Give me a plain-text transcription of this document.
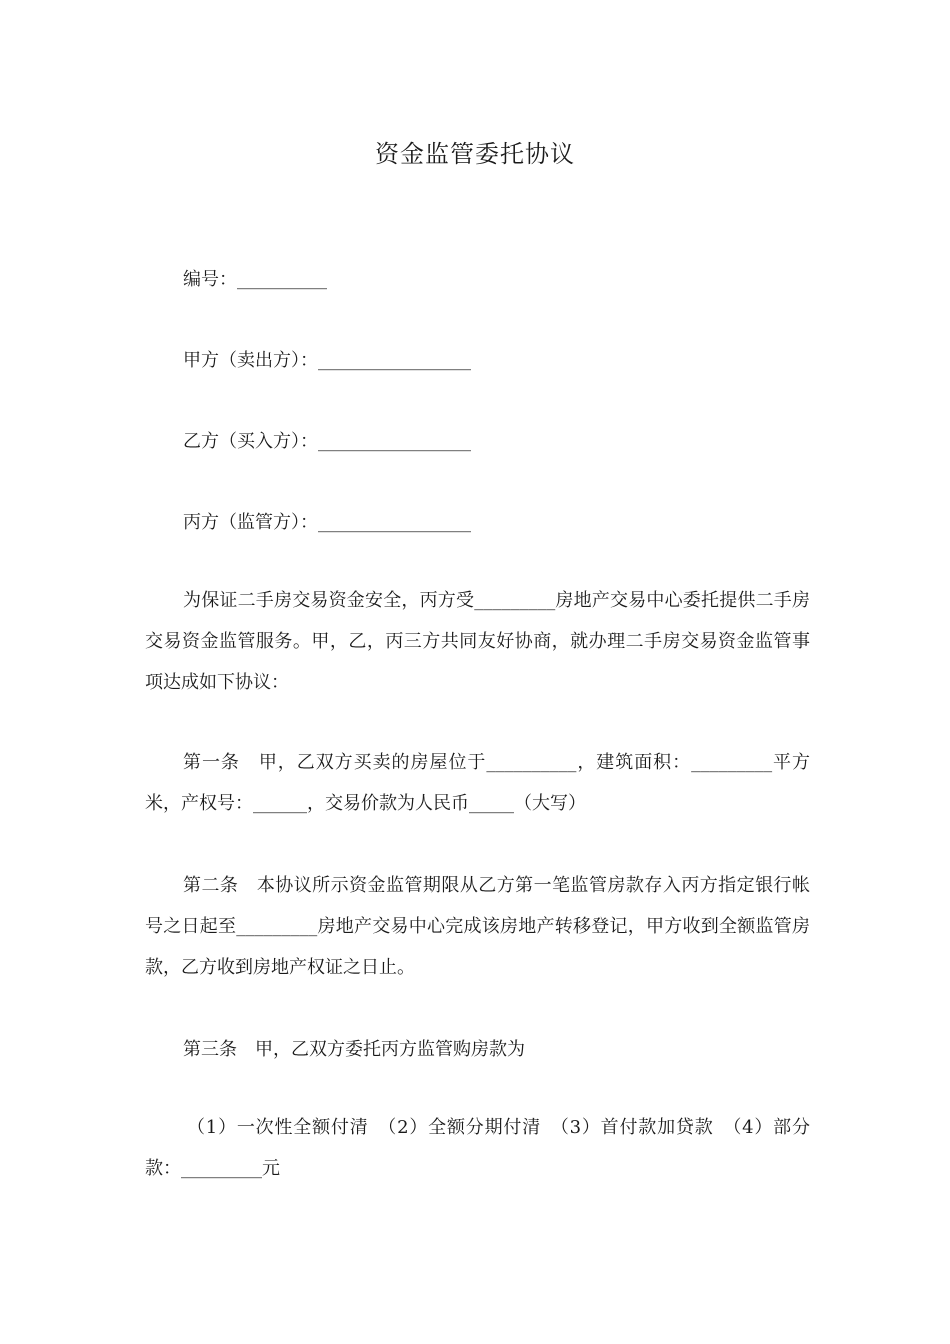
资金监管委托协议
编号：__________
甲方（卖出方）：_________________
乙方（买入方）：_________________
丙方（监管方）：_________________
为保证二手房交易资金安全，丙方受_________房地产交易中心委托提供二手房交易资金监管服务。甲，乙，丙三方共同友好协商，就办理二手房交易资金监管事项达成如下协议：
第一条　甲，乙双方买卖的房屋位于__________，建筑面积：_________平方米，产权号：______，交易价款为人民币_____（大写）
第二条　本协议所示资金监管期限从乙方第一笔监管房款存入丙方指定银行帐号之日起至_________房地产交易中心完成该房地产转移登记，甲方收到全额监管房款，乙方收到房地产权证之日止。
第三条　甲，乙双方委托丙方监管购房款为
（1）一次性全额付清　（2）全额分期付清　（3）首付款加贷款　（4）部分款：_________元
